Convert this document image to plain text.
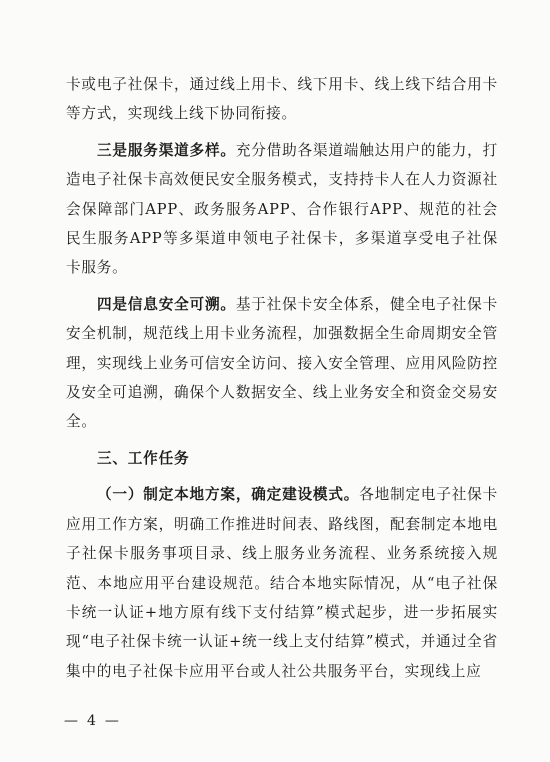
卡或电子社保卡，通过线上用卡、线下用卡、线上线下结合用卡等方式，实现线上线下协同衔接。

三是服务渠道多样。充分借助各渠道端触达用户的能力，打造电子社保卡高效便民安全服务模式，支持持卡人在人力资源社会保障部门APP、政务服务APP、合作银行APP、规范的社会民生服务APP等多渠道申领电子社保卡，多渠道享受电子社保卡服务。

四是信息安全可溯。基于社保卡安全体系，健全电子社保卡安全机制，规范线上用卡业务流程，加强数据全生命周期安全管理，实现线上业务可信安全访问、接入安全管理、应用风险防控及安全可追溯，确保个人数据安全、线上业务安全和资金交易安全。

三、工作任务

（一）制定本地方案，确定建设模式。各地制定电子社保卡应用工作方案，明确工作推进时间表、路线图，配套制定本地电子社保卡服务事项目录、线上服务业务流程、业务系统接入规范、本地应用平台建设规范。结合本地实际情况，从“电子社保卡统一认证+地方原有线下支付结算”模式起步，进一步拓展实现“电子社保卡统一认证+统一线上支付结算”模式，并通过全省集中的电子社保卡应用平台或人社公共服务平台，实现线上应

— 4 —
